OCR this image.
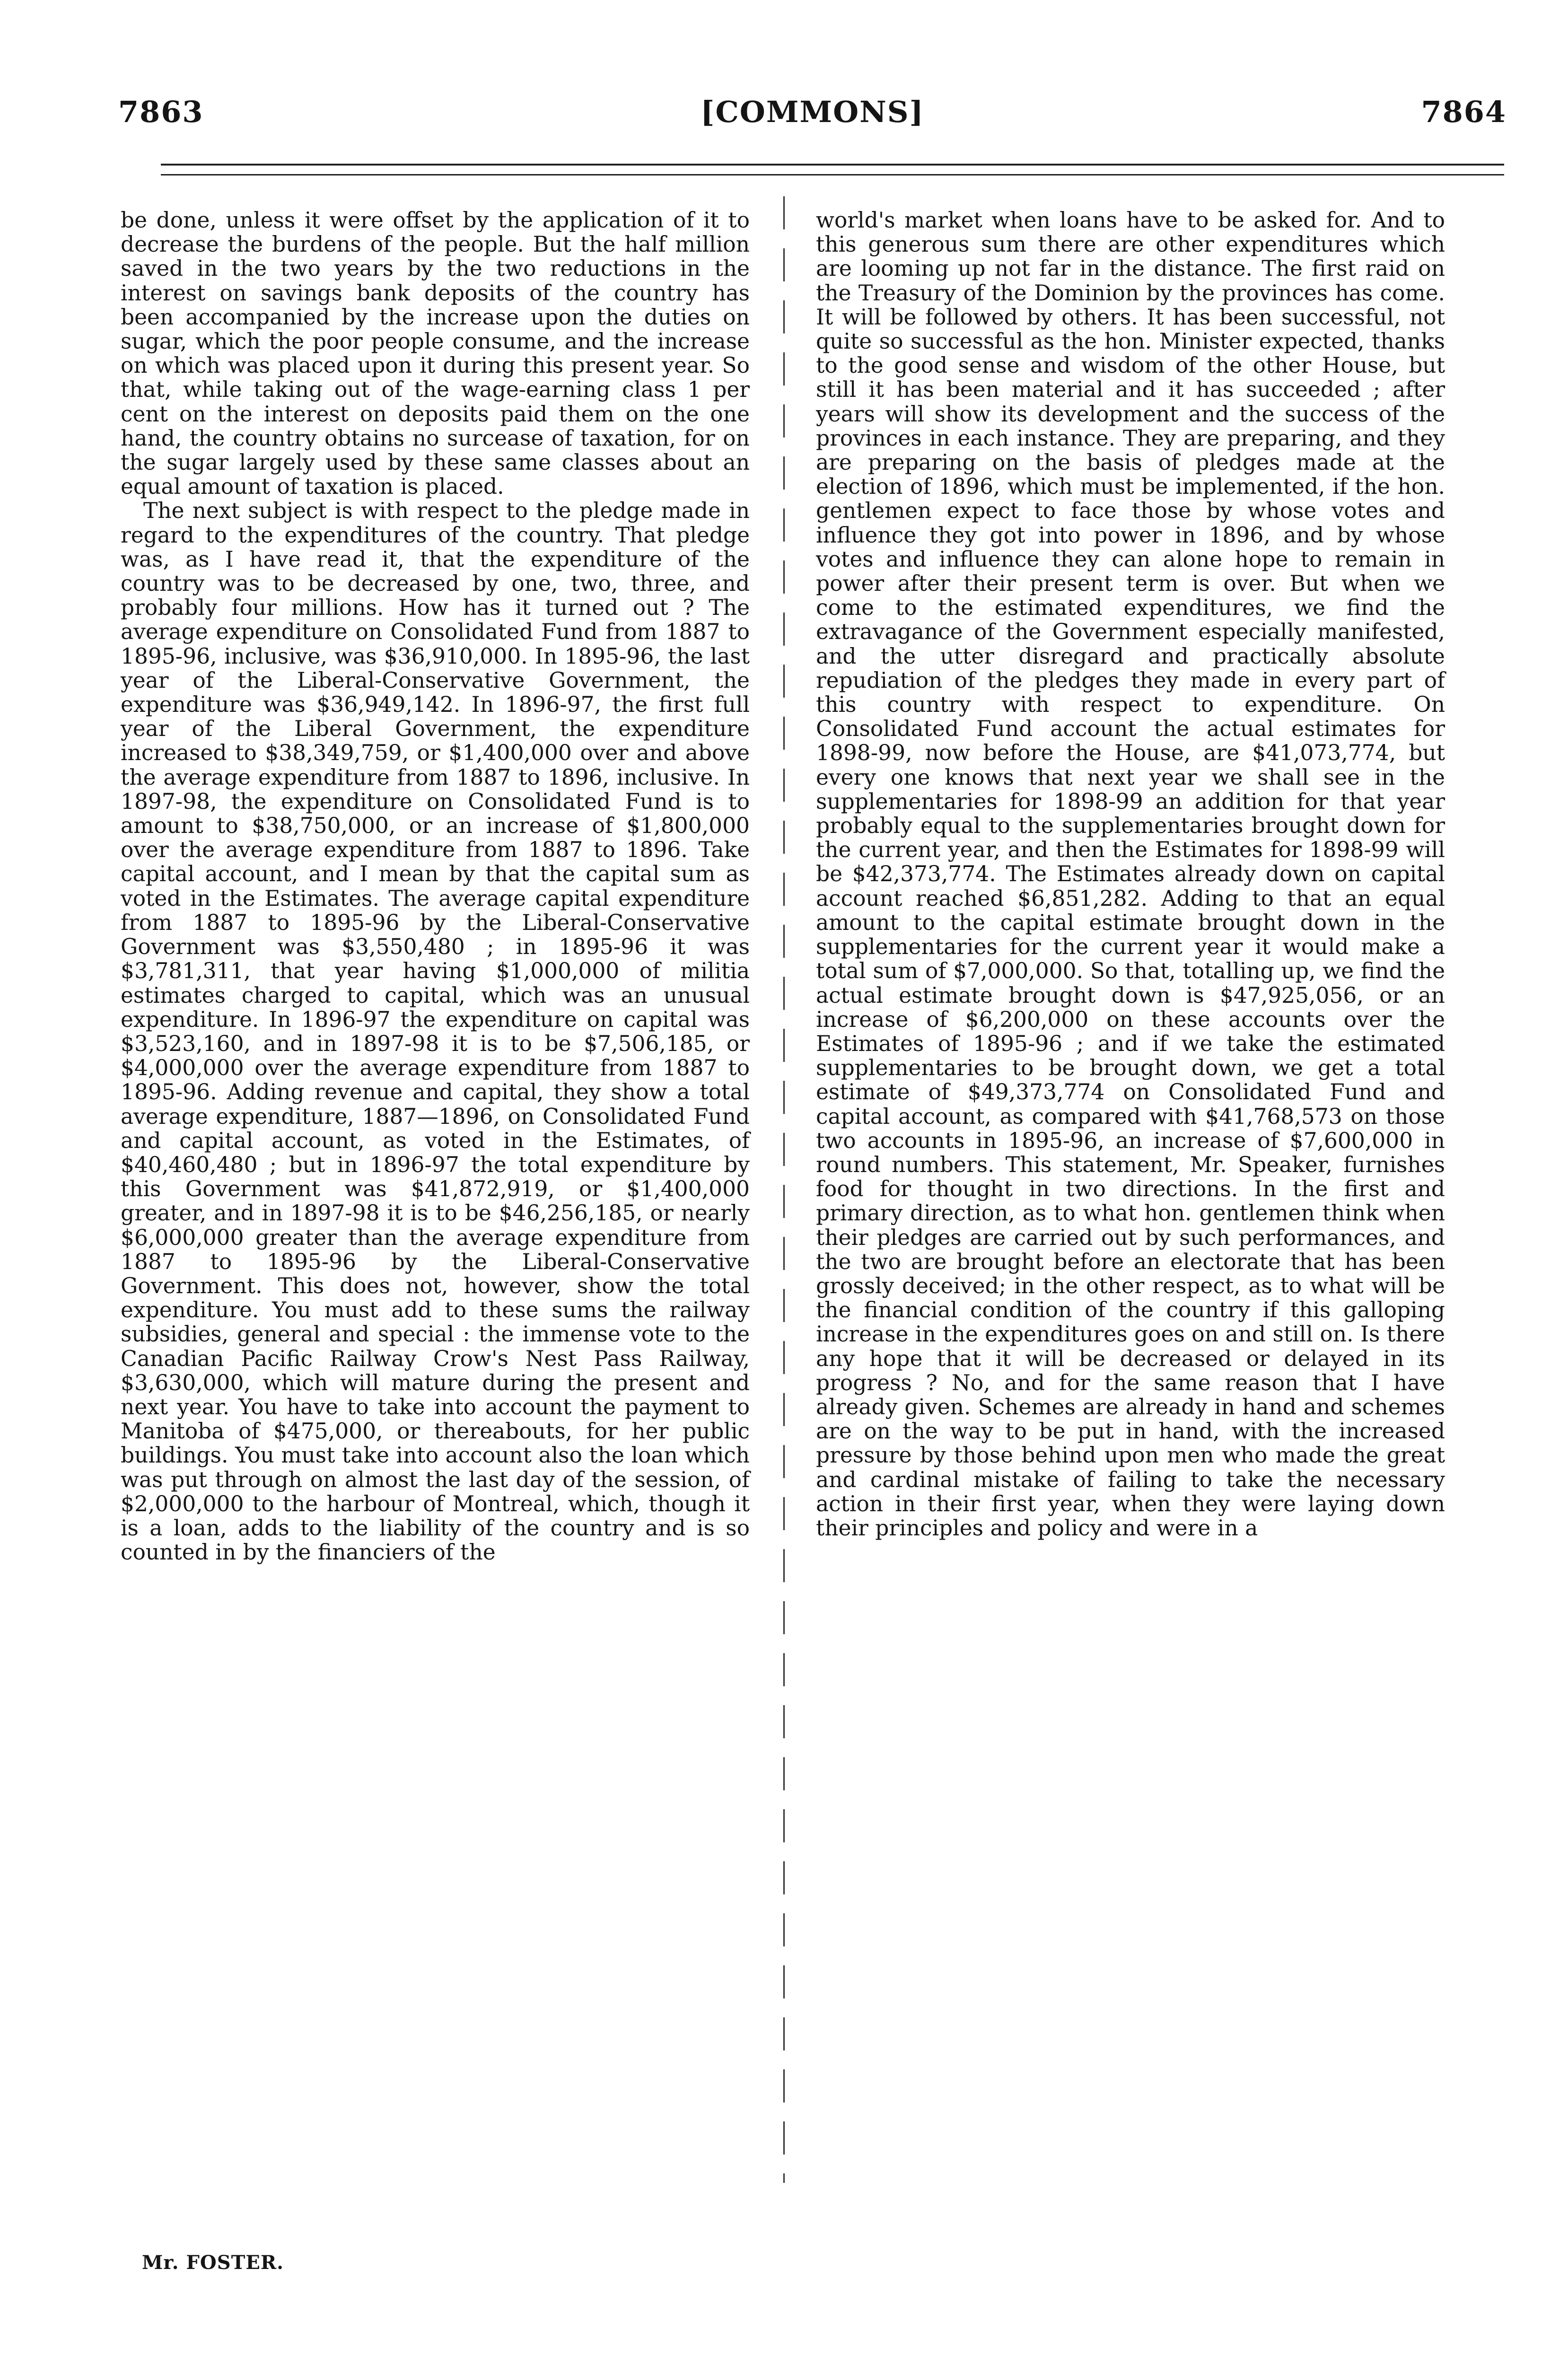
7863	[COMMONS]	7864

be done, unless it were offset by the application of it to decrease the burdens of the people. But the half million saved in the two years by the two reductions in the interest on savings bank deposits of the country has been accompanied by the increase upon the duties on sugar, which the poor people consume, and the increase on which was placed upon it during this present year. So that, while taking out of the wage-earning class 1 per cent on the interest on deposits paid them on the one hand, the country obtains no surcease of taxation, for on the sugar largely used by these same classes about an equal amount of taxation is placed.

The next subject is with respect to the pledge made in regard to the expenditures of the country. That pledge was, as I have read it, that the expenditure of the country was to be decreased by one, two, three, and probably four millions. How has it turned out ? The average expenditure on Consolidated Fund from 1887 to 1895-96, inclusive, was $36,910,000. In 1895-96, the last year of the Liberal-Conservative Government, the expenditure was $36,949,142. In 1896-97, the first full year of the Liberal Government, the expenditure increased to $38,349,759, or $1,400,000 over and above the average expenditure from 1887 to 1896, inclusive. In 1897-98, the expenditure on Consolidated Fund is to amount to $38,750,000, or an increase of $1,800,000 over the average expenditure from 1887 to 1896. Take capital account, and I mean by that the capital sum as voted in the Estimates. The average capital expenditure from 1887 to 1895-96 by the Liberal-Conservative Government was $3,550,480 ; in 1895-96 it was $3,781,311, that year having $1,000,000 of militia estimates charged to capital, which was an unusual expenditure. In 1896-97 the expenditure on capital was $3,523,160, and in 1897-98 it is to be $7,506,185, or $4,000,000 over the average expenditure from 1887 to 1895-96. Adding revenue and capital, they show a total average expenditure, 1887—1896, on Consolidated Fund and capital account, as voted in the Estimates, of $40,460,480 ; but in 1896-97 the total expenditure by this Government was $41,872,919, or $1,400,000 greater, and in 1897-98 it is to be $46,256,185, or nearly $6,000,000 greater than the average expenditure from 1887 to 1895-96 by the Liberal-Conservative Government. This does not, however, show the total expenditure. You must add to these sums the railway subsidies, general and special : the immense vote to the Canadian Pacific Railway Crow's Nest Pass Railway, $3,630,000, which will mature during the present and next year. You have to take into account the payment to Manitoba of $475,000, or thereabouts, for her public buildings. You must take into account also the loan which was put through on almost the last day of the session, of $2,000,000 to the harbour of Montreal, which, though it is a loan, adds to the liability of the country and is so counted in by the financiers of the

world's market when loans have to be asked for. And to this generous sum there are other expenditures which are looming up not far in the distance. The first raid on the Treasury of the Dominion by the provinces has come. It will be followed by others. It has been successful, not quite so successful as the hon. Minister expected, thanks to the good sense and wisdom of the other House, but still it has been material and it has succeeded ; after years will show its development and the success of the provinces in each instance. They are preparing, and they are preparing on the basis of pledges made at the election of 1896, which must be implemented, if the hon. gentlemen expect to face those by whose votes and influence they got into power in 1896, and by whose votes and influence they can alone hope to remain in power after their present term is over. But when we come to the estimated expenditures, we find the extravagance of the Government especially manifested, and the utter disregard and practically absolute repudiation of the pledges they made in every part of this country with respect to expenditure. On Consolidated Fund account the actual estimates for 1898-99, now before the House, are $41,073,774, but every one knows that next year we shall see in the supplementaries for 1898-99 an addition for that year probably equal to the supplementaries brought down for the current year, and then the Estimates for 1898-99 will be $42,373,774. The Estimates already down on capital account reached $6,851,282. Adding to that an equal amount to the capital estimate brought down in the supplementaries for the current year it would make a total sum of $7,000,000. So that, totalling up, we find the actual estimate brought down is $47,925,056, or an increase of $6,200,000 on these accounts over the Estimates of 1895-96 ; and if we take the estimated supplementaries to be brought down, we get a total estimate of $49,373,774 on Consolidated Fund and capital account, as compared with $41,768,573 on those two accounts in 1895-96, an increase of $7,600,000 in round numbers. This statement, Mr. Speaker, furnishes food for thought in two directions. In the first and primary direction, as to what hon. gentlemen think when their pledges are carried out by such performances, and the two are brought before an electorate that has been grossly deceived; in the other respect, as to what will be the financial condition of the country if this galloping increase in the expenditures goes on and still on. Is there any hope that it will be decreased or delayed in its progress ? No, and for the same reason that I have already given. Schemes are already in hand and schemes are on the way to be put in hand, with the increased pressure by those behind upon men who made the great and cardinal mistake of failing to take the necessary action in their first year, when they were laying down their principles and policy and were in a

Mr. FOSTER.
